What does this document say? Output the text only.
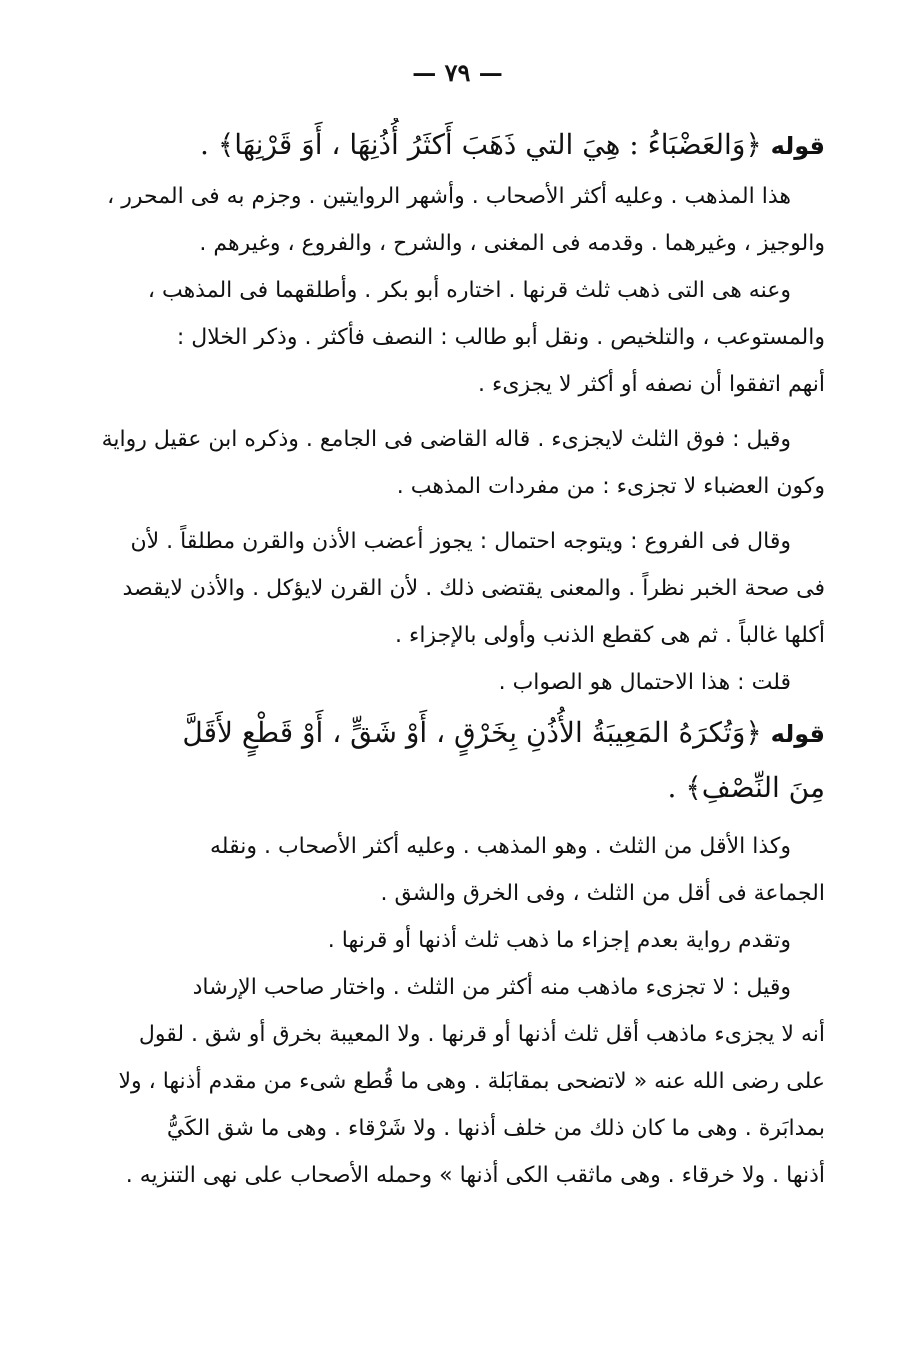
— ٧٩ —
قوله ﴿وَالعَضْبَاءُ : هِيَ التي ذَهَبَ أَكثَرُ أُذُنِهَا ، أَوَ قَرْنِهَا﴾ .
هذا المذهب . وعليه أكثر الأصحاب . وأشهر الروايتين . وجزم به فى المحرر ،
والوجيز ، وغيرهما . وقدمه فى المغنى ، والشرح ، والفروع ، وغيرهم .
وعنه هى التى ذهب ثلث قرنها . اختاره أبو بكر . وأطلقهما فى المذهب ،
والمستوعب ، والتلخيص . ونقل أبو طالب : النصف فأكثر . وذكر الخلال :
أنهم اتفقوا أن نصفه أو أكثر لا يجزىء .
وقيل : فوق الثلث لايجزىء . قاله القاضى فى الجامع . وذكره ابن عقيل رواية
وكون العضباء لا تجزىء : من مفردات المذهب .
وقال فى الفروع : ويتوجه احتمال : يجوز أعضب الأذن والقرن مطلقاً . لأن
فى صحة الخبر نظراً . والمعنى يقتضى ذلك . لأن القرن لايؤكل . والأذن لايقصد
أكلها غالباً . ثم هى كقطع الذنب وأولى بالإجزاء .
قلت : هذا الاحتمال هو الصواب .
قوله ﴿وَتُكرَهُ المَعِيبَةُ الأُذُنِ بِخَرْقٍ ، أَوْ شَقٍّ ، أَوْ قَطْعٍ لأَقَلَّ
مِنَ النِّصْفِ﴾ .
وكذا الأقل من الثلث . وهو المذهب . وعليه أكثر الأصحاب . ونقله
الجماعة فى أقل من الثلث ، وفى الخرق والشق .
وتقدم رواية بعدم إجزاء ما ذهب ثلث أذنها أو قرنها .
وقيل : لا تجزىء ماذهب منه أكثر من الثلث . واختار صاحب الإرشاد
أنه لا يجزىء ماذهب أقل ثلث أذنها أو قرنها . ولا المعيبة بخرق أو شق . لقول
على رضى الله عنه « لاتضحى بمقابَلة . وهى ما قُطع شىء من مقدم أذنها ، ولا
بمدابَرة . وهى ما كان ذلك من خلف أذنها . ولا شَرْقاء . وهى ما شق الكَيُّ
أذنها . ولا خرقاء . وهى ماثقب الكى أذنها » وحمله الأصحاب على نهى التنزيه .
